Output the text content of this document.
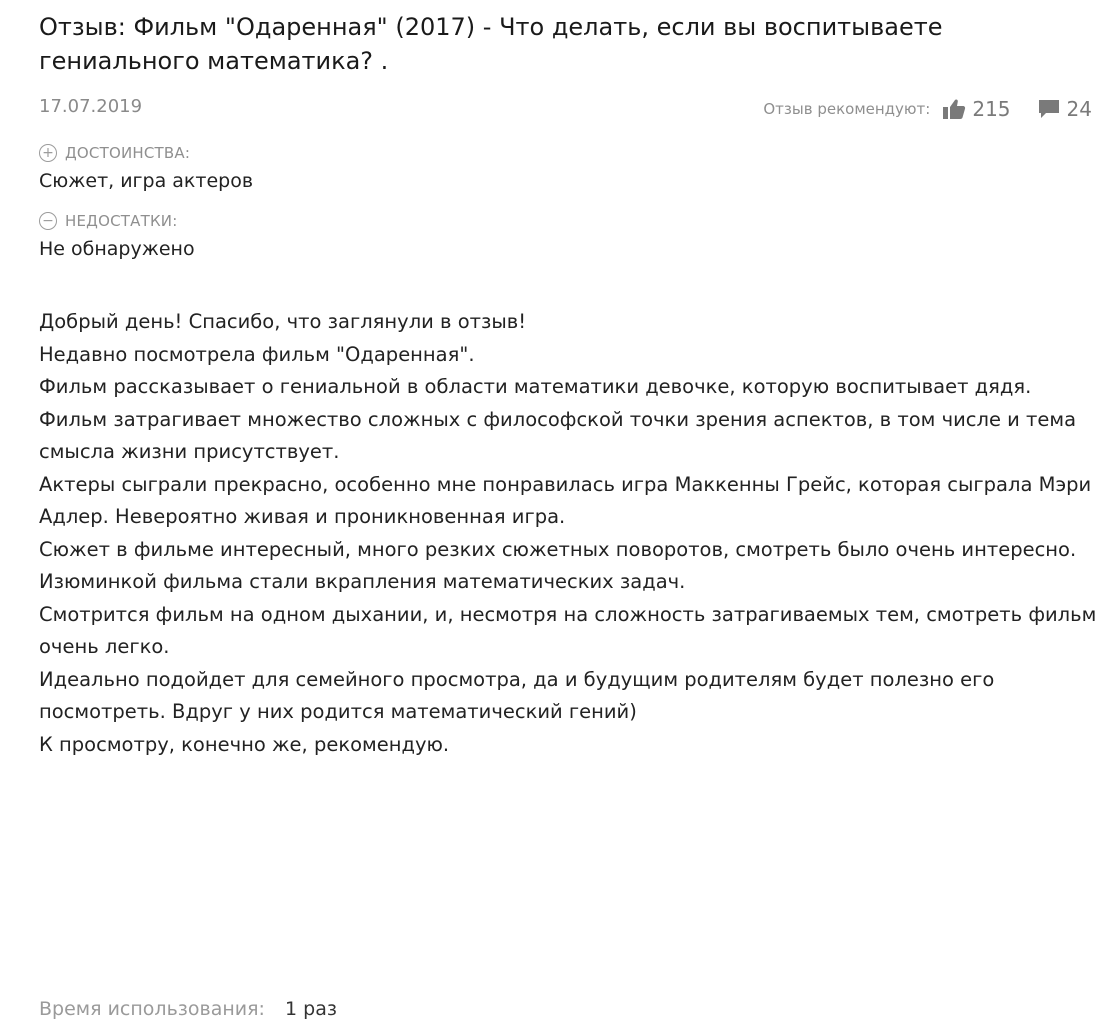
Отзыв: Фильм "Одаренная" (2017) - Что делать, если вы воспитываете гениального математика? .
17.07.2019	Отзыв рекомендуют: 215	24
+ ДОСТОИНСТВА:
Сюжет, игра актеров
− НЕДОСТАТКИ:
Не обнаружено

Добрый день! Спасибо, что заглянули в отзыв!

Недавно посмотрела фильм "Одаренная".

Фильм рассказывает о гениальной в области математики девочке, которую воспитывает дядя.

Фильм затрагивает множество сложных с философской точки зрения аспектов, в том числе и тема смысла жизни присутствует.

Актеры сыграли прекрасно, особенно мне понравилась игра Маккенны Грейс, которая сыграла Мэри Адлер. Невероятно живая и проникновенная игра.

Сюжет в фильме интересный, много резких сюжетных поворотов, смотреть было очень интересно.

Изюминкой фильма стали вкрапления математических задач.

Смотрится фильм на одном дыхании, и, несмотря на сложность затрагиваемых тем, смотреть фильм очень легко.

Идеально подойдет для семейного просмотра, да и будущим родителям будет полезно его посмотреть. Вдруг у них родится математический гений)

К просмотру, конечно же, рекомендую.

Время использования: 1 раз
